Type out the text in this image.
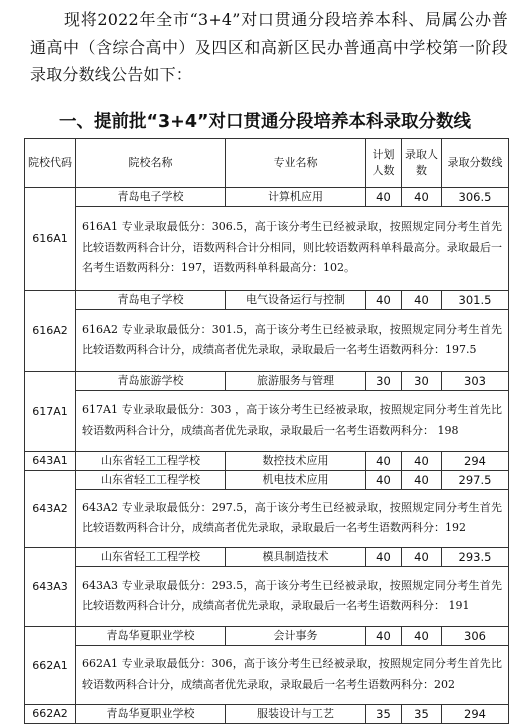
现将2022年全市“3+4”对口贯通分段培养本科、局属公办普通高中（含综合高中）及四区和高新区民办普通高中学校第一阶段录取分数线公告如下：
一、提前批“3+4”对口贯通分段培养本科录取分数线
院校代码	院校名称	专业名称	计划人数	录取人数	录取分数线
616A1	青岛电子学校	计算机应用	40	40	306.5
	616A1 专业录取最低分：306.5，高于该分考生已经被录取，按照规定同分考生首先比较语数两科合计分，语数两科合计分相同，则比较语数两科单科最高分。录取最后一名考生语数两科分：197，语数两科单科最高分：102。				
616A2	青岛电子学校	电气设备运行与控制	40	40	301.5
	616A2 专业录取最低分：301.5，高于该分考生已经被录取，按照规定同分考生首先比较语数两科合计分，成绩高者优先录取，录取最后一名考生语数两科分：197.5				
617A1	青岛旅游学校	旅游服务与管理	30	30	303
	617A1 专业录取最低分：303 ，高于该分考生已经被录取，按照规定同分考生首先比较语数两科合计分，成绩高者优先录取，录取最后一名考生语数两科分： 198				
643A1	山东省轻工工程学校	数控技术应用	40	40	294
643A2	山东省轻工工程学校	机电技术应用	40	40	297.5
	643A2 专业录取最低分：297.5，高于该分考生已经被录取，按照规定同分考生首先比较语数两科合计分，成绩高者优先录取，录取最后一名考生语数两科分：192				
643A3	山东省轻工工程学校	模具制造技术	40	40	293.5
	643A3 专业录取最低分：293.5，高于该分考生已经被录取，按照规定同分考生首先比较语数两科合计分，成绩高者优先录取，录取最后一名考生语数两科分： 191				
662A1	青岛华夏职业学校	会计事务	40	40	306
	662A1 专业录取最低分：306，高于该分考生已经被录取，按照规定同分考生首先比较语数两科合计分，成绩高者优先录取，录取最后一名考生语数两科分：202				
662A2	青岛华夏职业学校	服装设计与工艺	35	35	294
